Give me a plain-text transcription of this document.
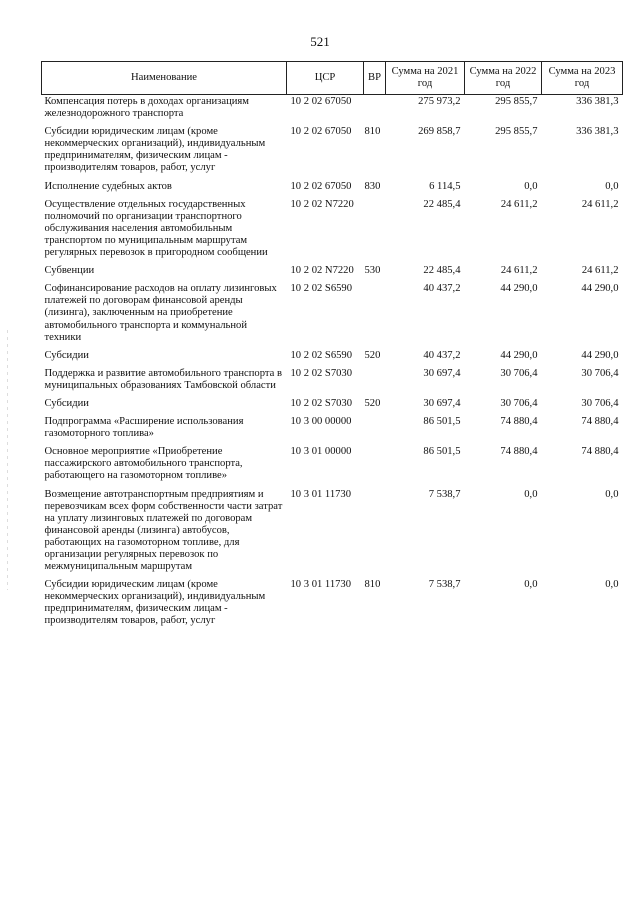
521
Наименование	ЦСР	ВР	Сумма на 2021 год	Сумма на 2022 год	Сумма на 2023 год
Компенсация потерь в доходах организациям железнодорожного транспорта	10 2 02 67050		275 973,2	295 855,7	336 381,3
Субсидии юридическим лицам (кроме некоммерческих организаций), индивидуальным предпринимателям, физическим лицам - производителям товаров, работ, услуг	10 2 02 67050	810	269 858,7	295 855,7	336 381,3
Исполнение судебных актов	10 2 02 67050	830	6 114,5	0,0	0,0
Осуществление отдельных государственных полномочий по организации транспортного обслуживания населения автомобильным транспортом по муниципальным маршрутам регулярных перевозок в пригородном сообщении	10 2 02 N7220		22 485,4	24 611,2	24 611,2
Субвенции	10 2 02 N7220	530	22 485,4	24 611,2	24 611,2
Софинансирование расходов на оплату лизинговых платежей по договорам финансовой аренды (лизинга), заключенным на приобретение автомобильного транспорта и коммунальной техники	10 2 02 S6590		40 437,2	44 290,0	44 290,0
Субсидии	10 2 02 S6590	520	40 437,2	44 290,0	44 290,0
Поддержка и развитие автомобильного транспорта в муниципальных образованиях Тамбовской области	10 2 02 S7030		30 697,4	30 706,4	30 706,4
Субсидии	10 2 02 S7030	520	30 697,4	30 706,4	30 706,4
Подпрограмма «Расширение использования газомоторного топлива»	10 3 00 00000		86 501,5	74 880,4	74 880,4
Основное мероприятие «Приобретение пассажирского автомобильного транспорта, работающего на газомоторном топливе»	10 3 01 00000		86 501,5	74 880,4	74 880,4
Возмещение автотранспортным предприятиям и перевозчикам всех форм собственности части затрат на уплату лизинговых платежей по договорам финансовой аренды (лизинга) автобусов, работающих на газомоторном топливе, для организации регулярных перевозок по межмуниципальным маршрутам	10 3 01 11730		7 538,7	0,0	0,0
Субсидии юридическим лицам (кроме некоммерческих организаций), индивидуальным предпринимателям, физическим лицам - производителям товаров, работ, услуг	10 3 01 11730	810	7 538,7	0,0	0,0
